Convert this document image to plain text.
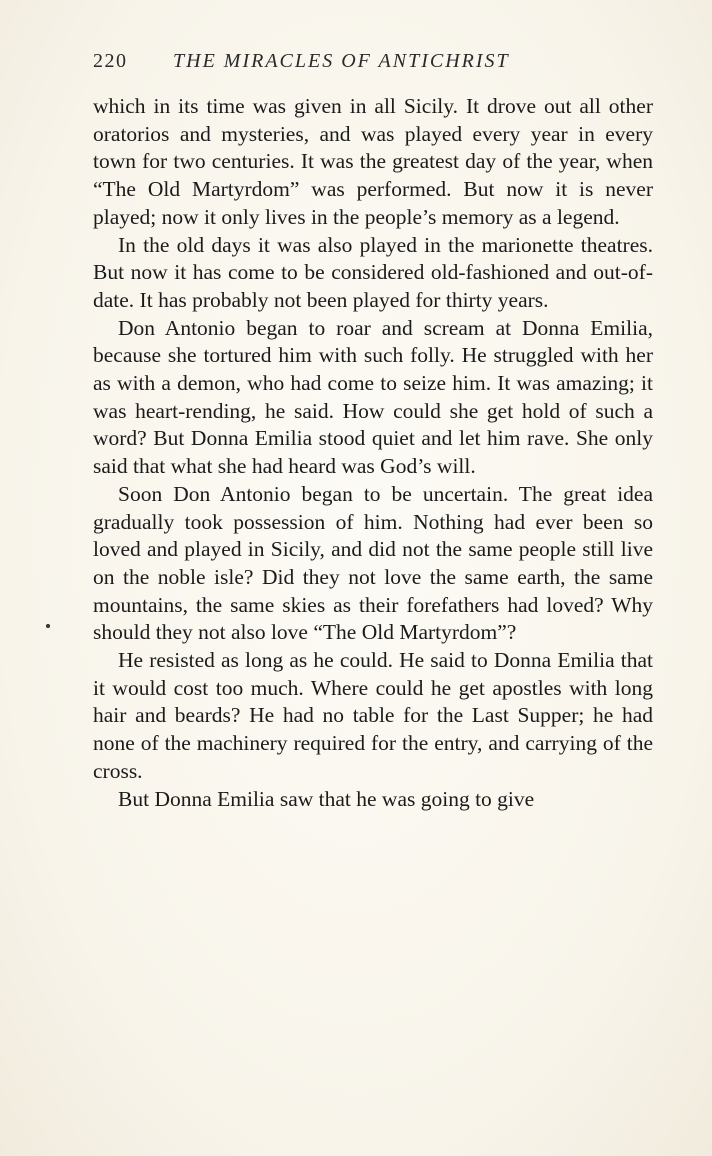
220 THE MIRACLES OF ANTICHRIST

which in its time was given in all Sicily. It drove out all other oratorios and mysteries, and was played every year in every town for two centuries. It was the greatest day of the year, when “The Old Martyrdom” was performed. But now it is never played; now it only lives in the people’s memory as a legend.

In the old days it was also played in the marionette theatres. But now it has come to be considered old-fashioned and out-of-date. It has probably not been played for thirty years.

Don Antonio began to roar and scream at Donna Emilia, because she tortured him with such folly. He struggled with her as with a demon, who had come to seize him. It was amazing; it was heart-rending, he said. How could she get hold of such a word? But Donna Emilia stood quiet and let him rave. She only said that what she had heard was God’s will.

Soon Don Antonio began to be uncertain. The great idea gradually took possession of him. Nothing had ever been so loved and played in Sicily, and did not the same people still live on the noble isle? Did they not love the same earth, the same mountains, the same skies as their forefathers had loved? Why should they not also love “The Old Martyrdom”?

He resisted as long as he could. He said to Donna Emilia that it would cost too much. Where could he get apostles with long hair and beards? He had no table for the Last Supper; he had none of the machinery required for the entry, and carrying of the cross.

But Donna Emilia saw that he was going to give
